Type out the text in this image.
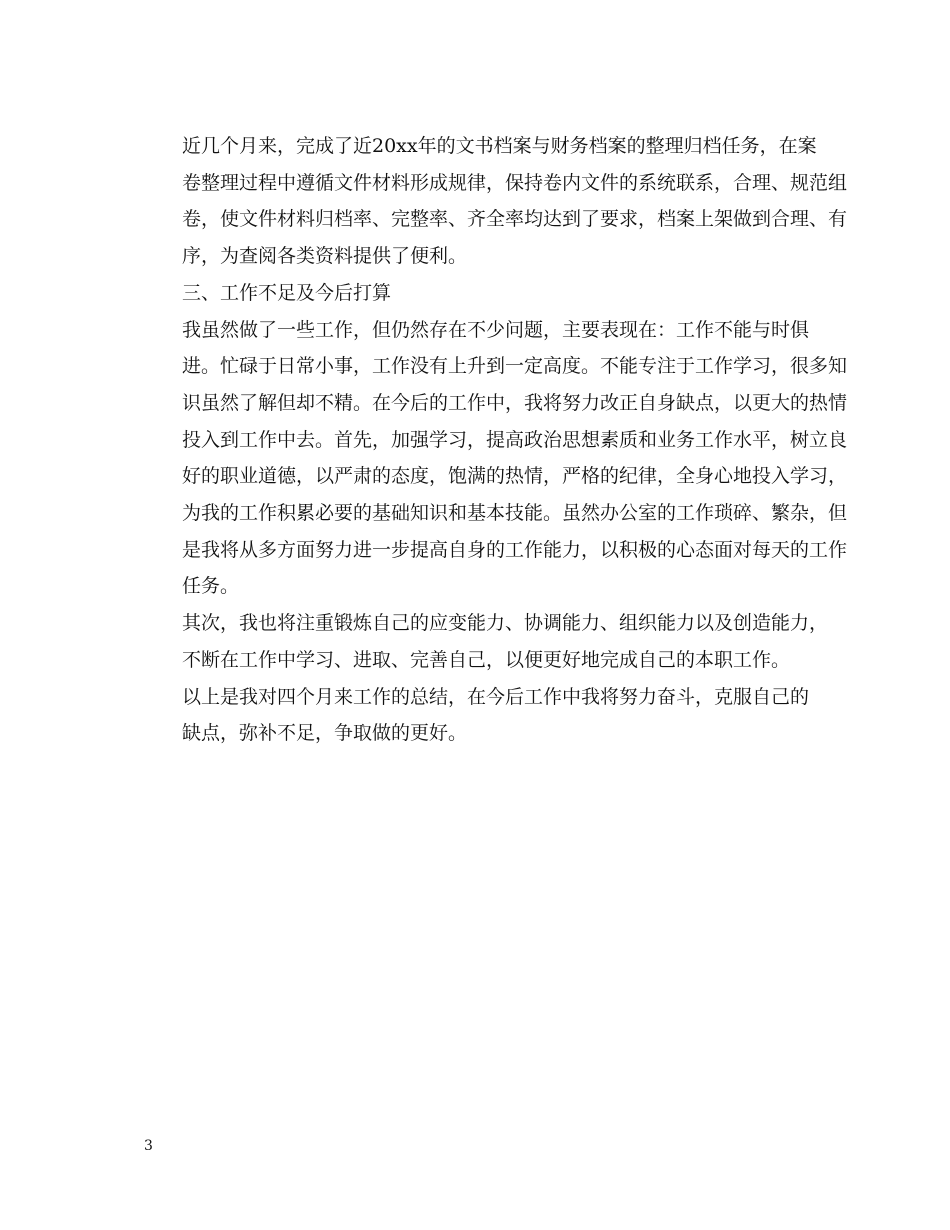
近几个月来，完成了近20xx年的文书档案与财务档案的整理归档任务，在案
卷整理过程中遵循文件材料形成规律，保持卷内文件的系统联系，合理、规范组
卷，使文件材料归档率、完整率、齐全率均达到了要求，档案上架做到合理、有
序，为查阅各类资料提供了便利。

三、工作不足及今后打算

我虽然做了一些工作，但仍然存在不少问题，主要表现在：工作不能与时俱
进。忙碌于日常小事，工作没有上升到一定高度。不能专注于工作学习，很多知
识虽然了解但却不精。在今后的工作中，我将努力改正自身缺点，以更大的热情
投入到工作中去。首先，加强学习，提高政治思想素质和业务工作水平，树立良
好的职业道德，以严肃的态度，饱满的热情，严格的纪律，全身心地投入学习，
为我的工作积累必要的基础知识和基本技能。虽然办公室的工作琐碎、繁杂，但
是我将从多方面努力进一步提高自身的工作能力，以积极的心态面对每天的工作
任务。

其次，我也将注重锻炼自己的应变能力、协调能力、组织能力以及创造能力，
不断在工作中学习、进取、完善自己，以便更好地完成自己的本职工作。

以上是我对四个月来工作的总结，在今后工作中我将努力奋斗，克服自己的
缺点，弥补不足，争取做的更好。

3
